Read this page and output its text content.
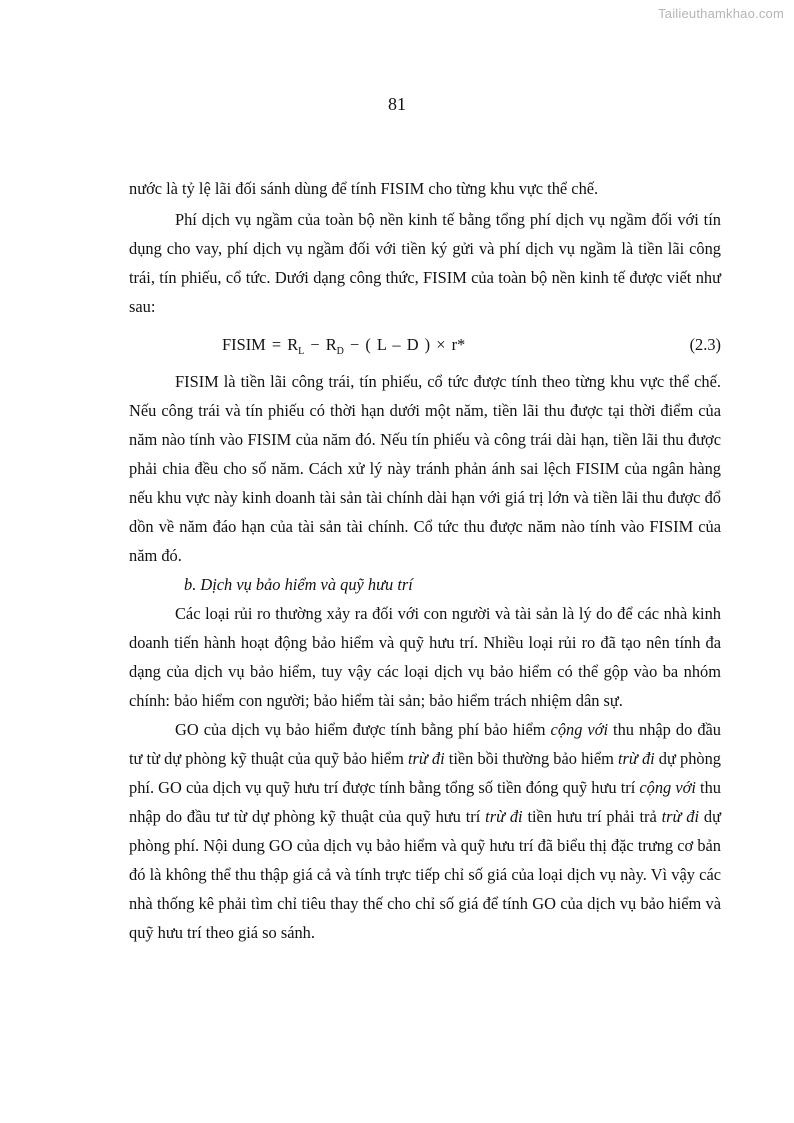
Tailieuthamkhao.com
81

nước là tỷ lệ lãi đối sánh dùng để tính FISIM cho từng khu vực thể chế.

Phí dịch vụ ngầm của toàn bộ nền kinh tế bằng tổng phí dịch vụ ngầm đối với tín dụng cho vay, phí dịch vụ ngầm đối với tiền ký gửi và phí dịch vụ ngầm là tiền lãi công trái, tín phiếu, cổ tức. Dưới dạng công thức, FISIM của toàn bộ nền kinh tế được viết như sau:

FISIM = $R_L - R_D$ − ( L – D ) × r*	(2.3)

FISIM là tiền lãi công trái, tín phiếu, cổ tức được tính theo từng khu vực thể chế. Nếu công trái và tín phiếu có thời hạn dưới một năm, tiền lãi thu được tại thời điểm của năm nào tính vào FISIM của năm đó. Nếu tín phiếu và công trái dài hạn, tiền lãi thu được phải chia đều cho số năm. Cách xử lý này tránh phản ánh sai lệch FISIM của ngân hàng nếu khu vực này kinh doanh tài sản tài chính dài hạn với giá trị lớn và tiền lãi thu được đổ dồn về năm đáo hạn của tài sản tài chính. Cổ tức thu được năm nào tính vào FISIM của năm đó.

b. Dịch vụ bảo hiểm và quỹ hưu trí

Các loại rủi ro thường xảy ra đối với con người và tài sản là lý do để các nhà kinh doanh tiến hành hoạt động bảo hiểm và quỹ hưu trí. Nhiều loại rủi ro đã tạo nên tính đa dạng của dịch vụ bảo hiểm, tuy vậy các loại dịch vụ bảo hiểm có thể gộp vào ba nhóm chính: bảo hiểm con người; bảo hiểm tài sản; bảo hiểm trách nhiệm dân sự.

GO của dịch vụ bảo hiểm được tính bằng phí bảo hiểm cộng với thu nhập do đầu tư từ dự phòng kỹ thuật của quỹ bảo hiểm trừ đi tiền bồi thường bảo hiểm trừ đi dự phòng phí. GO của dịch vụ quỹ hưu trí được tính bằng tổng số tiền đóng quỹ hưu trí cộng với thu nhập do đầu tư từ dự phòng kỹ thuật của quỹ hưu trí trừ đi tiền hưu trí phải trả trừ đi dự phòng phí. Nội dung GO của dịch vụ bảo hiểm và quỹ hưu trí đã biểu thị đặc trưng cơ bản đó là không thể thu thập giá cả và tính trực tiếp chỉ số giá của loại dịch vụ này. Vì vậy các nhà thống kê phải tìm chỉ tiêu thay thế cho chỉ số giá để tính GO của dịch vụ bảo hiểm và quỹ hưu trí theo giá so sánh.
